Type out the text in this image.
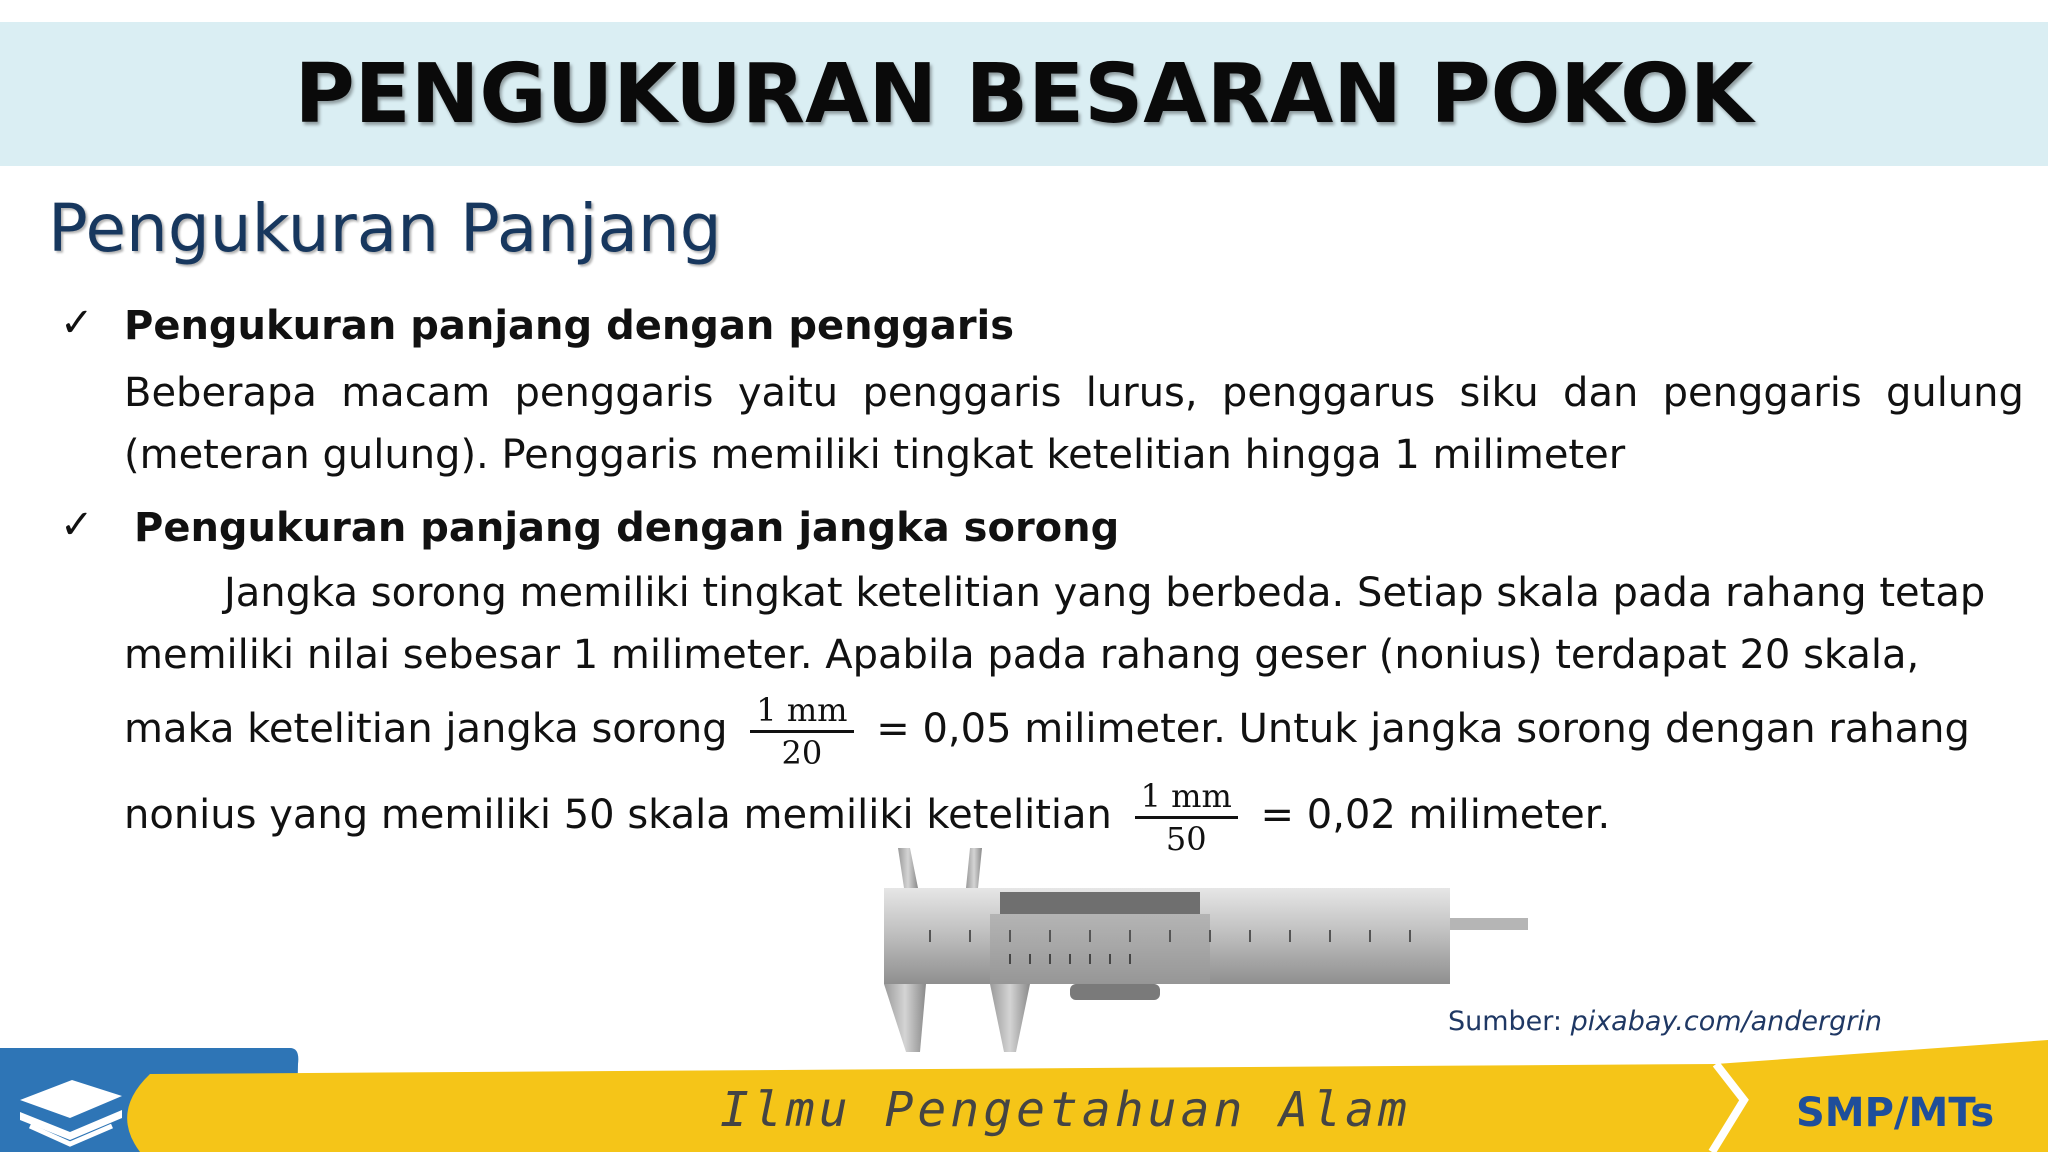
PENGUKURAN BESARAN POKOK
Pengukuran Panjang
✓ Pengukuran panjang dengan penggaris
Beberapa macam penggaris yaitu penggaris lurus, penggarus siku dan penggaris gulung
(meteran gulung). Penggaris memiliki tingkat ketelitian hingga 1 milimeter
✓ Pengukuran panjang dengan jangka sorong
Jangka sorong memiliki tingkat ketelitian yang berbeda. Setiap skala pada rahang tetap
memiliki nilai sebesar 1 milimeter. Apabila pada rahang geser (nonius) terdapat 20 skala,
maka ketelitian jangka sorong $\frac{1 mm}{20} = 0,05$ milimeter. Untuk jangka sorong dengan rahang
nonius yang memiliki 50 skala memiliki ketelitian $\frac{1 mm}{50} = 0,02$ milimeter.
Sumber: pixabay.com/andergrin
Ilmu Pengetahuan Alam	SMP/MTs
